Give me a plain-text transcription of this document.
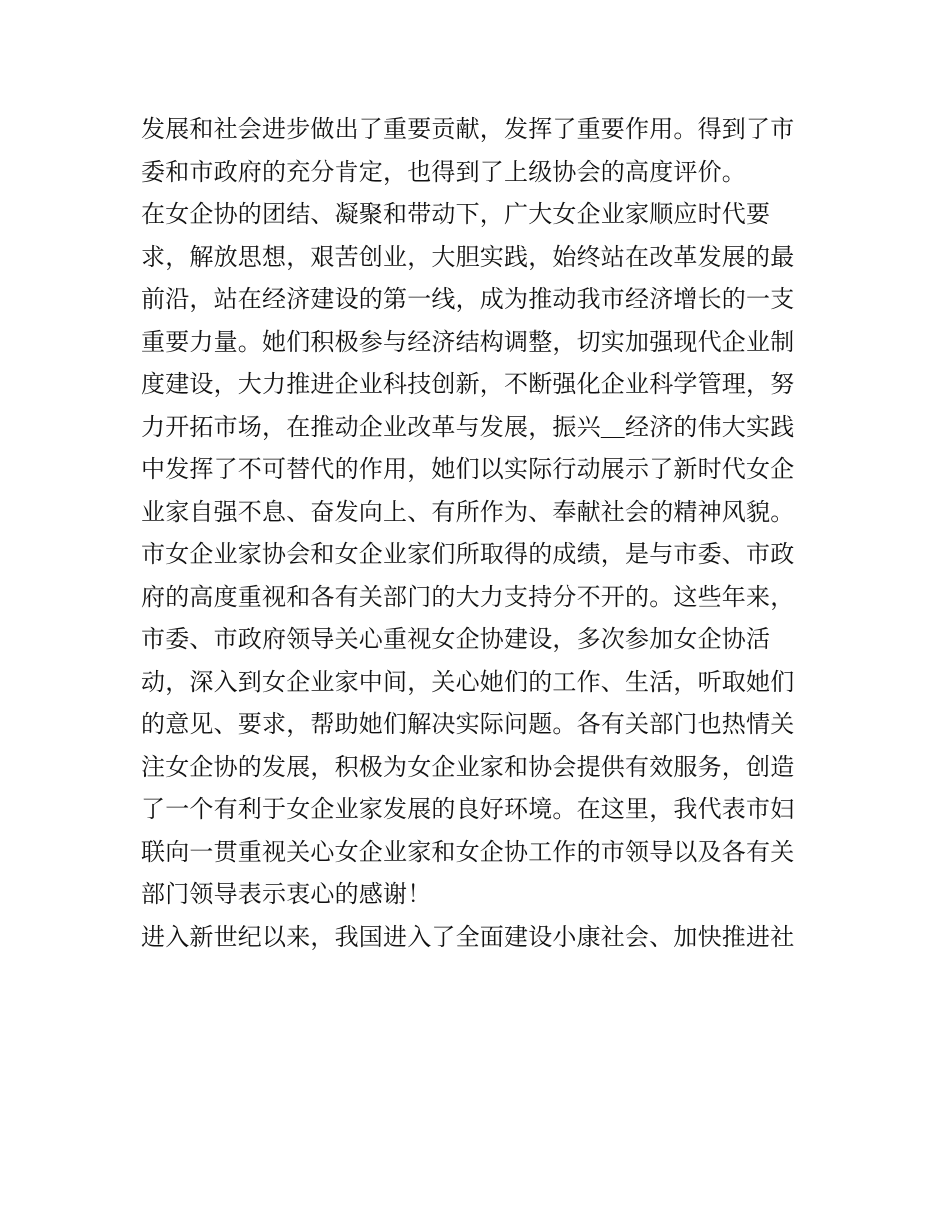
发展和社会进步做出了重要贡献，发挥了重要作用。得到了市
委和市政府的充分肯定，也得到了上级协会的高度评价。
在女企协的团结、凝聚和带动下，广大女企业家顺应时代要
求，解放思想，艰苦创业，大胆实践，始终站在改革发展的最
前沿，站在经济建设的第一线，成为推动我市经济增长的一支
重要力量。她们积极参与经济结构调整，切实加强现代企业制
度建设，大力推进企业科技创新，不断强化企业科学管理，努
力开拓市场，在推动企业改革与发展，振兴＿经济的伟大实践
中发挥了不可替代的作用，她们以实际行动展示了新时代女企
业家自强不息、奋发向上、有所作为、奉献社会的精神风貌。
市女企业家协会和女企业家们所取得的成绩，是与市委、市政
府的高度重视和各有关部门的大力支持分不开的。这些年来，
市委、市政府领导关心重视女企协建设，多次参加女企协活
动，深入到女企业家中间，关心她们的工作、生活，听取她们
的意见、要求，帮助她们解决实际问题。各有关部门也热情关
注女企协的发展，积极为女企业家和协会提供有效服务，创造
了一个有利于女企业家发展的良好环境。在这里，我代表市妇
联向一贯重视关心女企业家和女企协工作的市领导以及各有关
部门领导表示衷心的感谢！
进入新世纪以来，我国进入了全面建设小康社会、加快推进社
